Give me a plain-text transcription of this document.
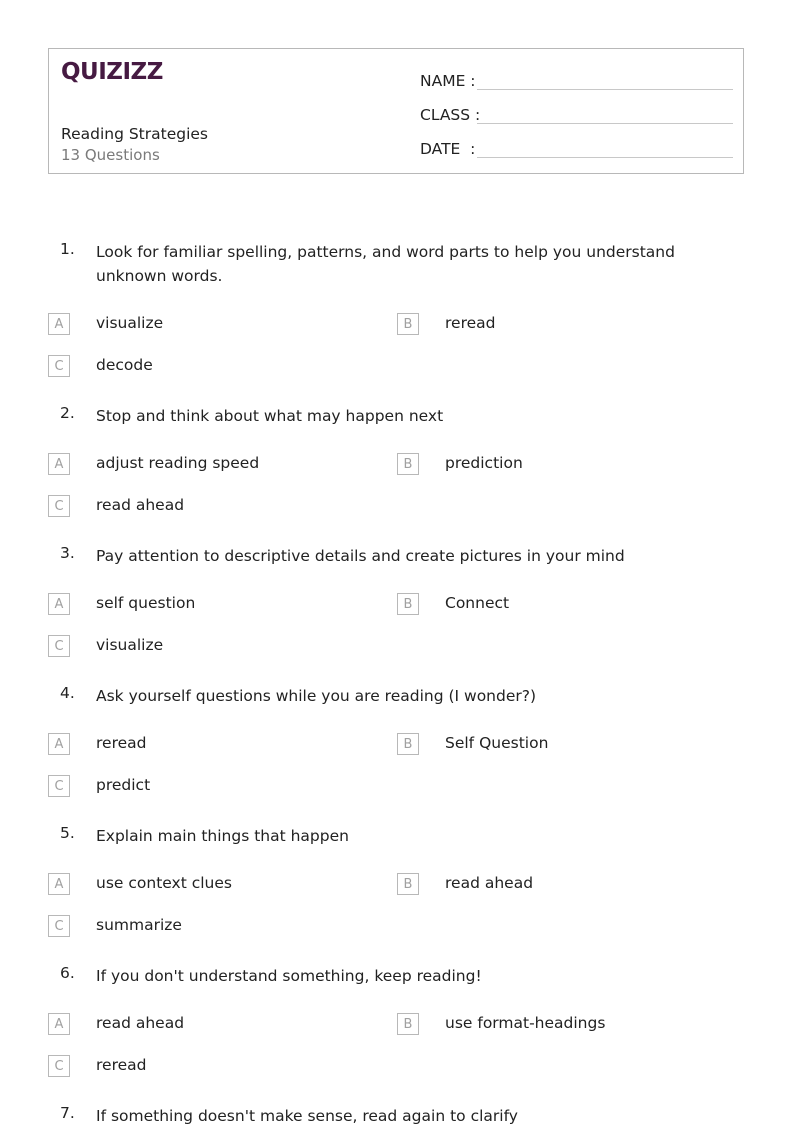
QUIZIZZ
Reading Strategies
13 Questions
NAME :
CLASS :
DATE  :
1. Look for familiar spelling, patterns, and word parts to help you understand unknown words.
A	visualize	B	reread
C	decode
2. Stop and think about what may happen next
A	adjust reading speed	B	prediction
C	read ahead
3. Pay attention to descriptive details and create pictures in your mind
A	self question	B	Connect
C	visualize
4. Ask yourself questions while you are reading (I wonder?)
A	reread	B	Self Question
C	predict
5. Explain main things that happen
A	use context clues	B	read ahead
C	summarize
6. If you don't understand something, keep reading!
A	read ahead	B	use format-headings
C	reread
7. If something doesn't make sense, read again to clarify
